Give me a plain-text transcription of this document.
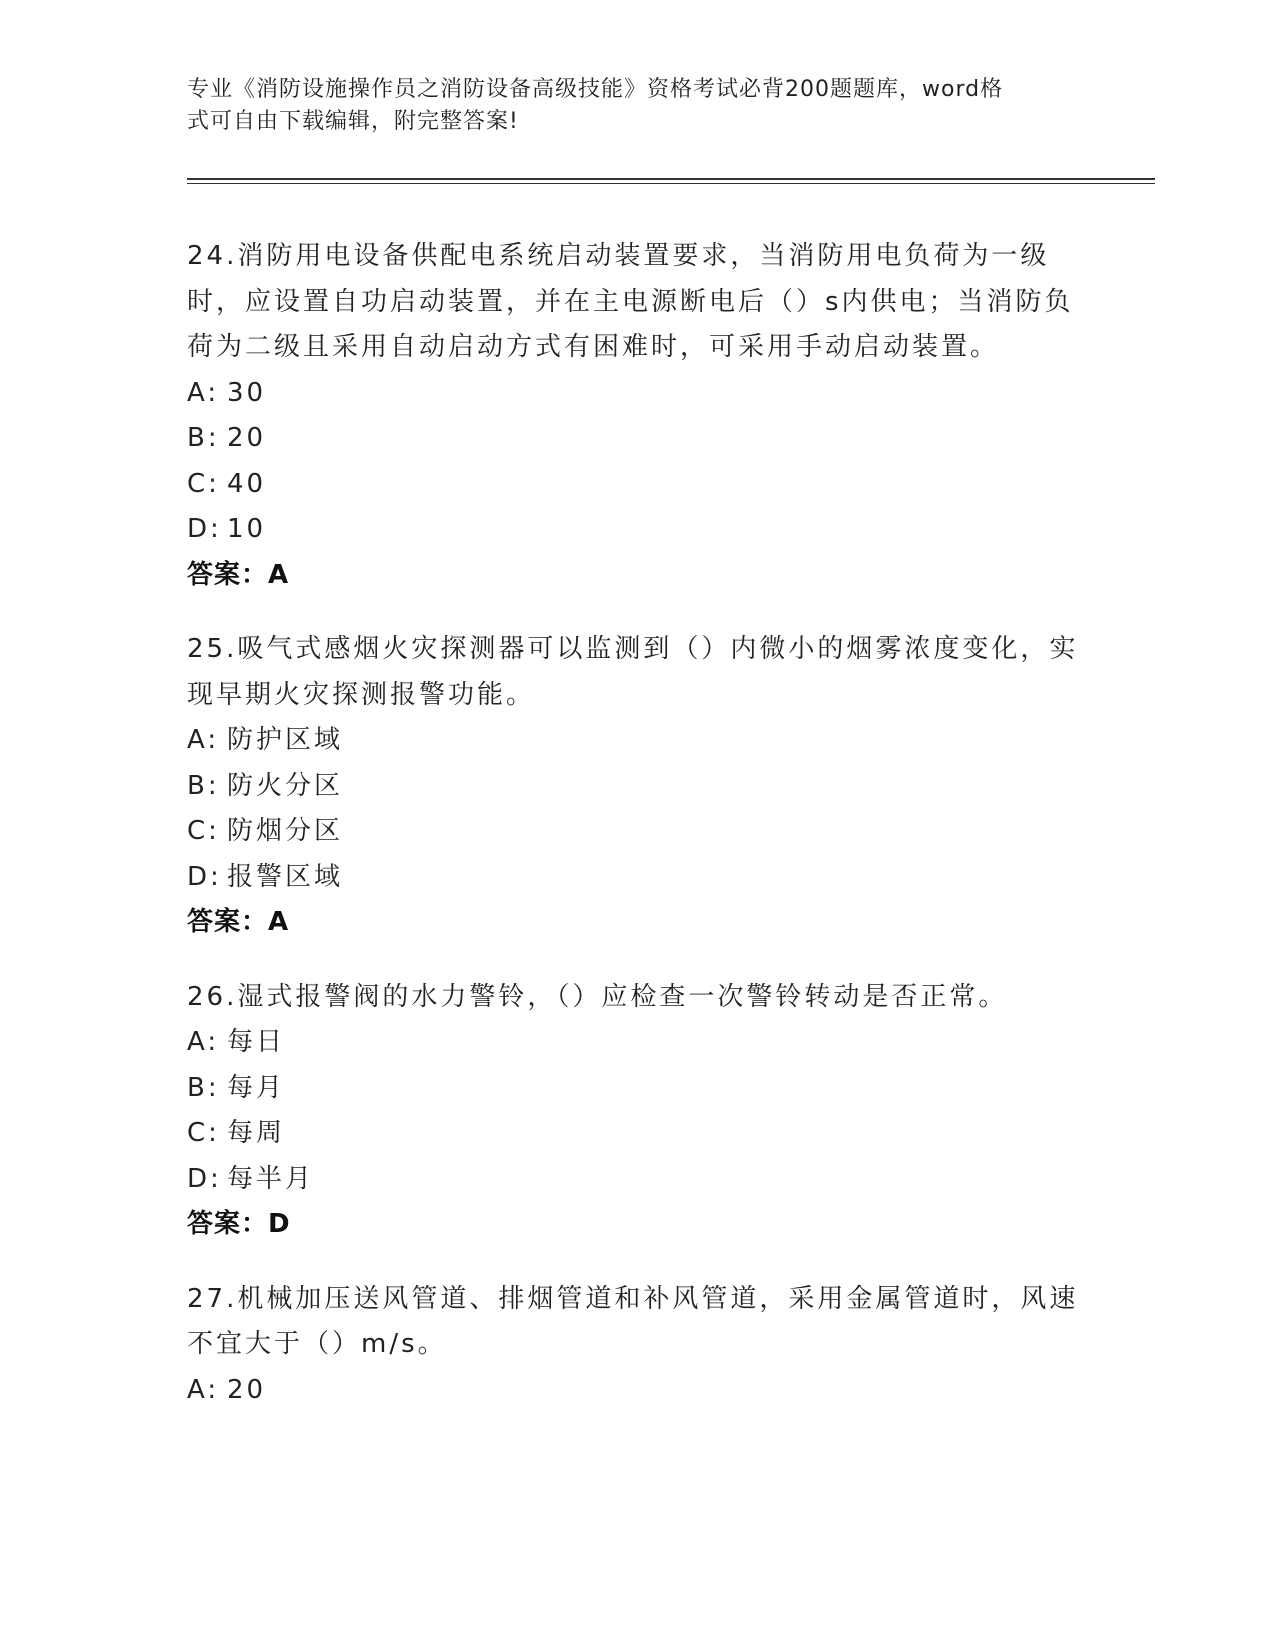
专业《消防设施操作员之消防设备高级技能》资格考试必背200题题库，word格
式可自由下载编辑，附完整答案!

24.消防用电设备供配电系统启动装置要求，当消防用电负荷为一级时，应设置自功启动装置，并在主电源断电后（）s内供电；当消防负荷为二级且采用自动启动方式有困难时，可采用手动启动装置。

A: 30

B: 20

C: 40

D: 10

答案：A

25.吸气式感烟火灾探测器可以监测到（）内微小的烟雾浓度变化，实现早期火灾探测报警功能。

A: 防护区域

B: 防火分区

C: 防烟分区

D: 报警区域

答案：A

26.湿式报警阀的水力警铃，（）应检查一次警铃转动是否正常。

A: 每日

B: 每月

C: 每周

D: 每半月

答案：D

27.机械加压送风管道、排烟管道和补风管道，采用金属管道时，风速不宜大于（）m/s。

A: 20
